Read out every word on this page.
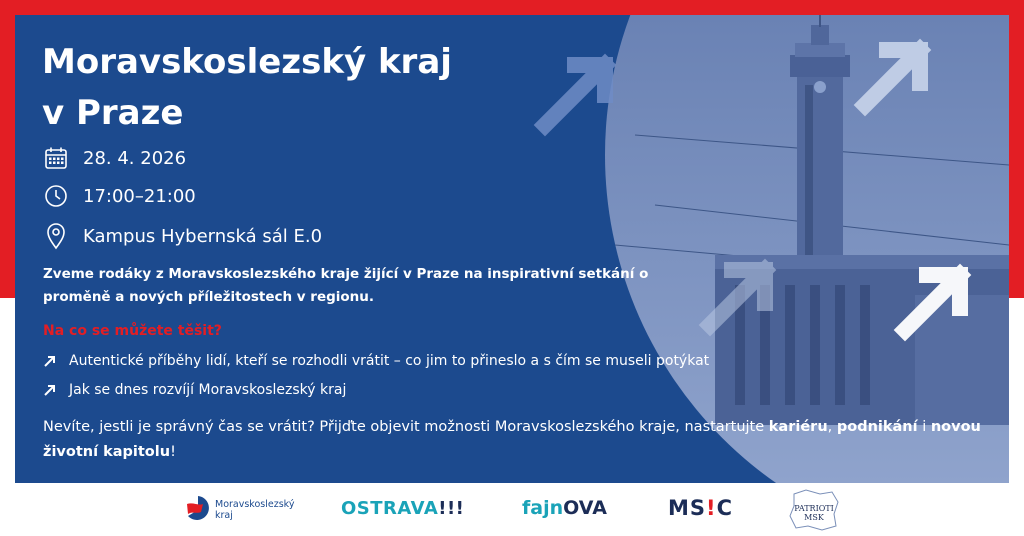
Moravskoslezský kraj
v Praze
28. 4. 2026
17:00–21:00
Kampus Hybernská sál E.0
Zveme rodáky z Moravskoslezského kraje žijící v Praze na inspirativní setkání o proměně a nových příležitostech v regionu.
Na co se můžete těšit?
Autentické příběhy lidí, kteří se rozhodli vrátit – co jim to přineslo a s čím se museli potýkat
Jak se dnes rozvíjí Moravskoslezský kraj
Nevíte, jestli je správný čas se vrátit? Přijďte objevit možnosti Moravskoslezského kraje, nastartujte kariéru, podnikání i novou životní kapitolu!
Moravskoslezský
kraj	OSTRAVA !!!	fajn OVA	MS ! C	PATRIOTI
MSK
